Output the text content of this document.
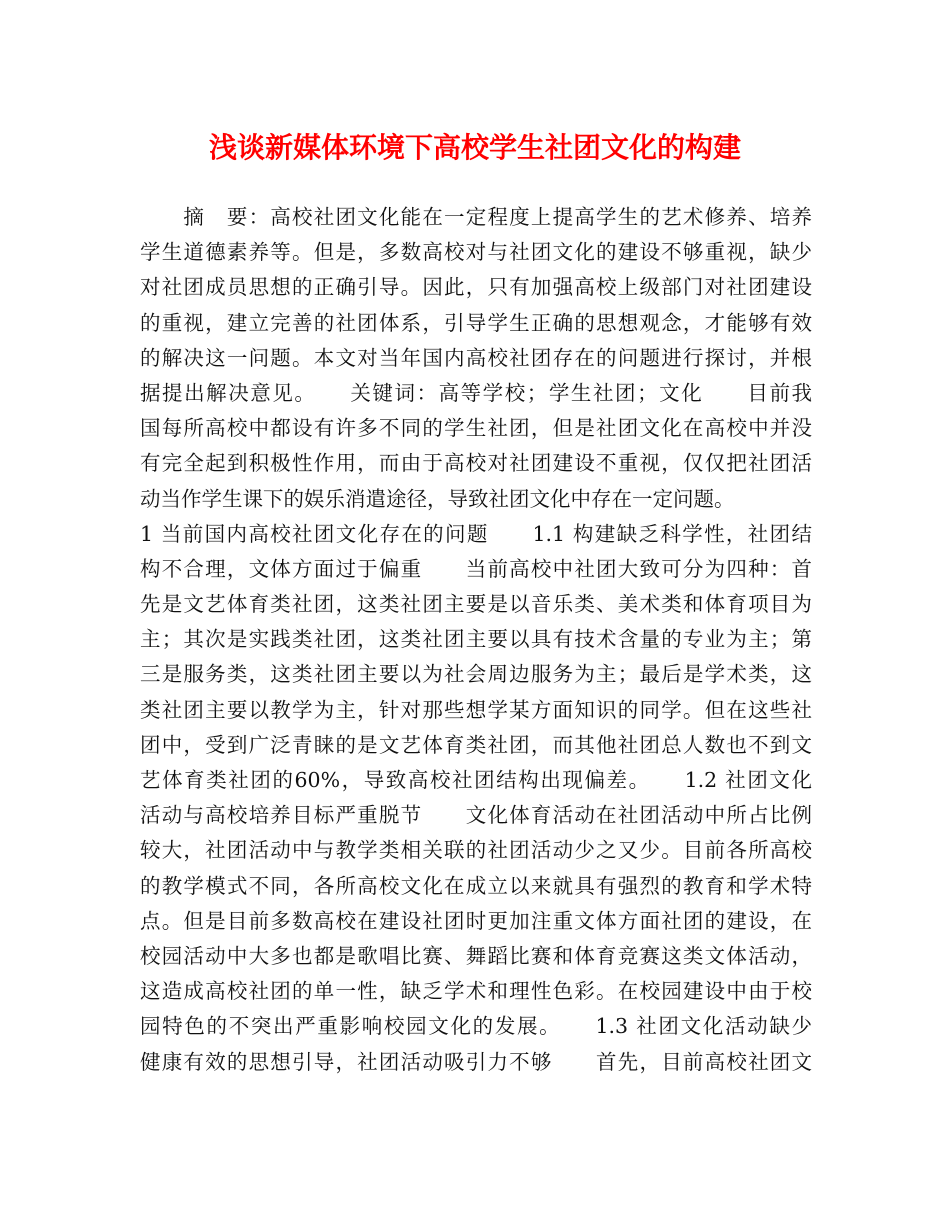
浅谈新媒体环境下高校学生社团文化的构建
　　摘　要：高校社团文化能在一定程度上提高学生的艺术修养、培养
学生道德素养等。但是，多数高校对与社团文化的建设不够重视，缺少
对社团成员思想的正确引导。因此，只有加强高校上级部门对社团建设
的重视，建立完善的社团体系，引导学生正确的思想观念，才能够有效
的解决这一问题。本文对当年国内高校社团存在的问题进行探讨，并根
据提出解决意见。　　关键词：高等学校；学生社团；文化　　目前我
国每所高校中都设有许多不同的学生社团，但是社团文化在高校中并没
有完全起到积极性作用，而由于高校对社团建设不重视，仅仅把社团活
动当作学生课下的娱乐消遣途径，导致社团文化中存在一定问题。
1 当前国内高校社团文化存在的问题　　1.1 构建缺乏科学性，社团结
构不合理，文体方面过于偏重　　当前高校中社团大致可分为四种：首
先是文艺体育类社团，这类社团主要是以音乐类、美术类和体育项目为
主；其次是实践类社团，这类社团主要以具有技术含量的专业为主；第
三是服务类，这类社团主要以为社会周边服务为主；最后是学术类，这
类社团主要以教学为主，针对那些想学某方面知识的同学。但在这些社
团中，受到广泛青睐的是文艺体育类社团，而其他社团总人数也不到文
艺体育类社团的60%，导致高校社团结构出现偏差。　　1.2 社团文化
活动与高校培养目标严重脱节　　文化体育活动在社团活动中所占比例
较大，社团活动中与教学类相关联的社团活动少之又少。目前各所高校
的教学模式不同，各所高校文化在成立以来就具有强烈的教育和学术特
点。但是目前多数高校在建设社团时更加注重文体方面社团的建设，在
校园活动中大多也都是歌唱比赛、舞蹈比赛和体育竞赛这类文体活动，
这造成高校社团的单一性，缺乏学术和理性色彩。在校园建设中由于校
园特色的不突出严重影响校园文化的发展。　　1.3 社团文化活动缺少
健康有效的思想引导，社团活动吸引力不够　　首先，目前高校社团文
